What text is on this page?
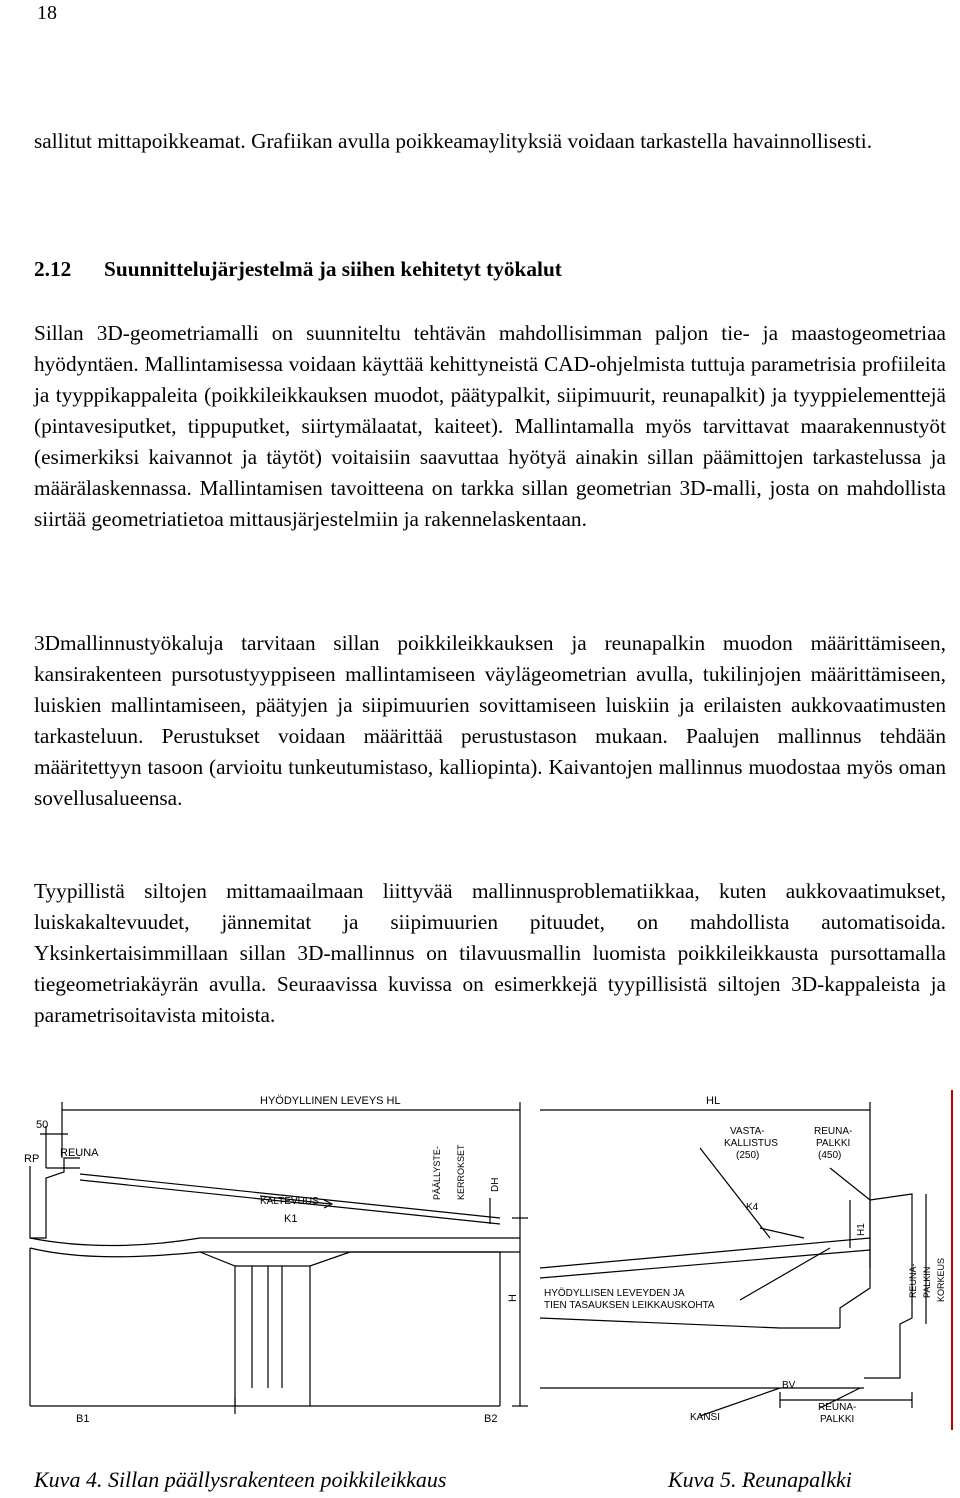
18

sallitut mittapoikkeamat. Grafiikan avulla poikkeamaylityksiä voidaan tarkastella havainnollisesti.

2.12 Suunnittelujärjestelmä ja siihen kehitetyt työkalut

Sillan 3D-geometriamalli on suunniteltu tehtävän mahdollisimman paljon tie- ja maastogeometriaa hyödyntäen. Mallintamisessa voidaan käyttää kehittyneistä CAD-ohjelmista tuttuja parametrisia profiileita ja tyyppikappaleita (poikkileikkauksen muodot, päätypalkit, siipimuurit, reunapalkit) ja tyyppielementtejä (pintavesiputket, tippuputket, siirtymälaatat, kaiteet). Mallintamalla myös tarvittavat maarakennustyöt (esimerkiksi kaivannot ja täytöt) voitaisiin saavuttaa hyötyä ainakin sillan päämittojen tarkastelussa ja määrälaskennassa. Mallintamisen tavoitteena on tarkka sillan geometrian 3D-malli, josta on mahdollista siirtää geometriatietoa mittausjärjestelmiin ja rakennelaskentaan.

3Dmallinnustyökaluja tarvitaan sillan poikkileikkauksen ja reunapalkin muodon määrittämiseen, kansirakenteen pursotustyyppiseen mallintamiseen väylägeometrian avulla, tukilinjojen määrittämiseen, luiskien mallintamiseen, päätyjen ja siipimuurien sovittamiseen luiskiin ja erilaisten aukkovaatimusten tarkasteluun. Perustukset voidaan määrittää perustustason mukaan. Paalujen mallinnus tehdään määritettyyn tasoon (arvioitu tunkeutumistaso, kalliopinta). Kaivantojen mallinnus muodostaa myös oman sovellusalueensa.

Tyypillistä siltojen mittamaailmaan liittyvää mallinnusproblematiikkaa, kuten aukkovaatimukset, luiskakaltevuudet, jännemitat ja siipimuurien pituudet, on mahdollista automatisoida. Yksinkertaisimmillaan sillan 3D-mallinnus on tilavuusmallin luomista poikkileikkausta pursottamalla tiegeometriakäyrän avulla. Seuraavissa kuvissa on esimerkkejä tyypillisistä siltojen 3D-kappaleista ja parametrisoitavista mitoista.

HYÖDYLLINEN LEVEYS HL
50
RP REUNA
KALTEVUUS
K1
PÄÄLLYSTE- KERROKSET DH
H
B1	B2
HL
VASTA-
KALLISTUS
(250)
REUNA-
PALKKI
(450)
K4
H1
REUNA- PALKIN KORKEUS
HYÖDYLLISEN LEVEYDEN JA
TIEN TASAUKSEN LEIKKAUSKOHTA
BV
KANSI
REUNA-
PALKKI
Kuva 4. Sillan päällysrakenteen poikkileikkaus	Kuva 5. Reunapalkki
